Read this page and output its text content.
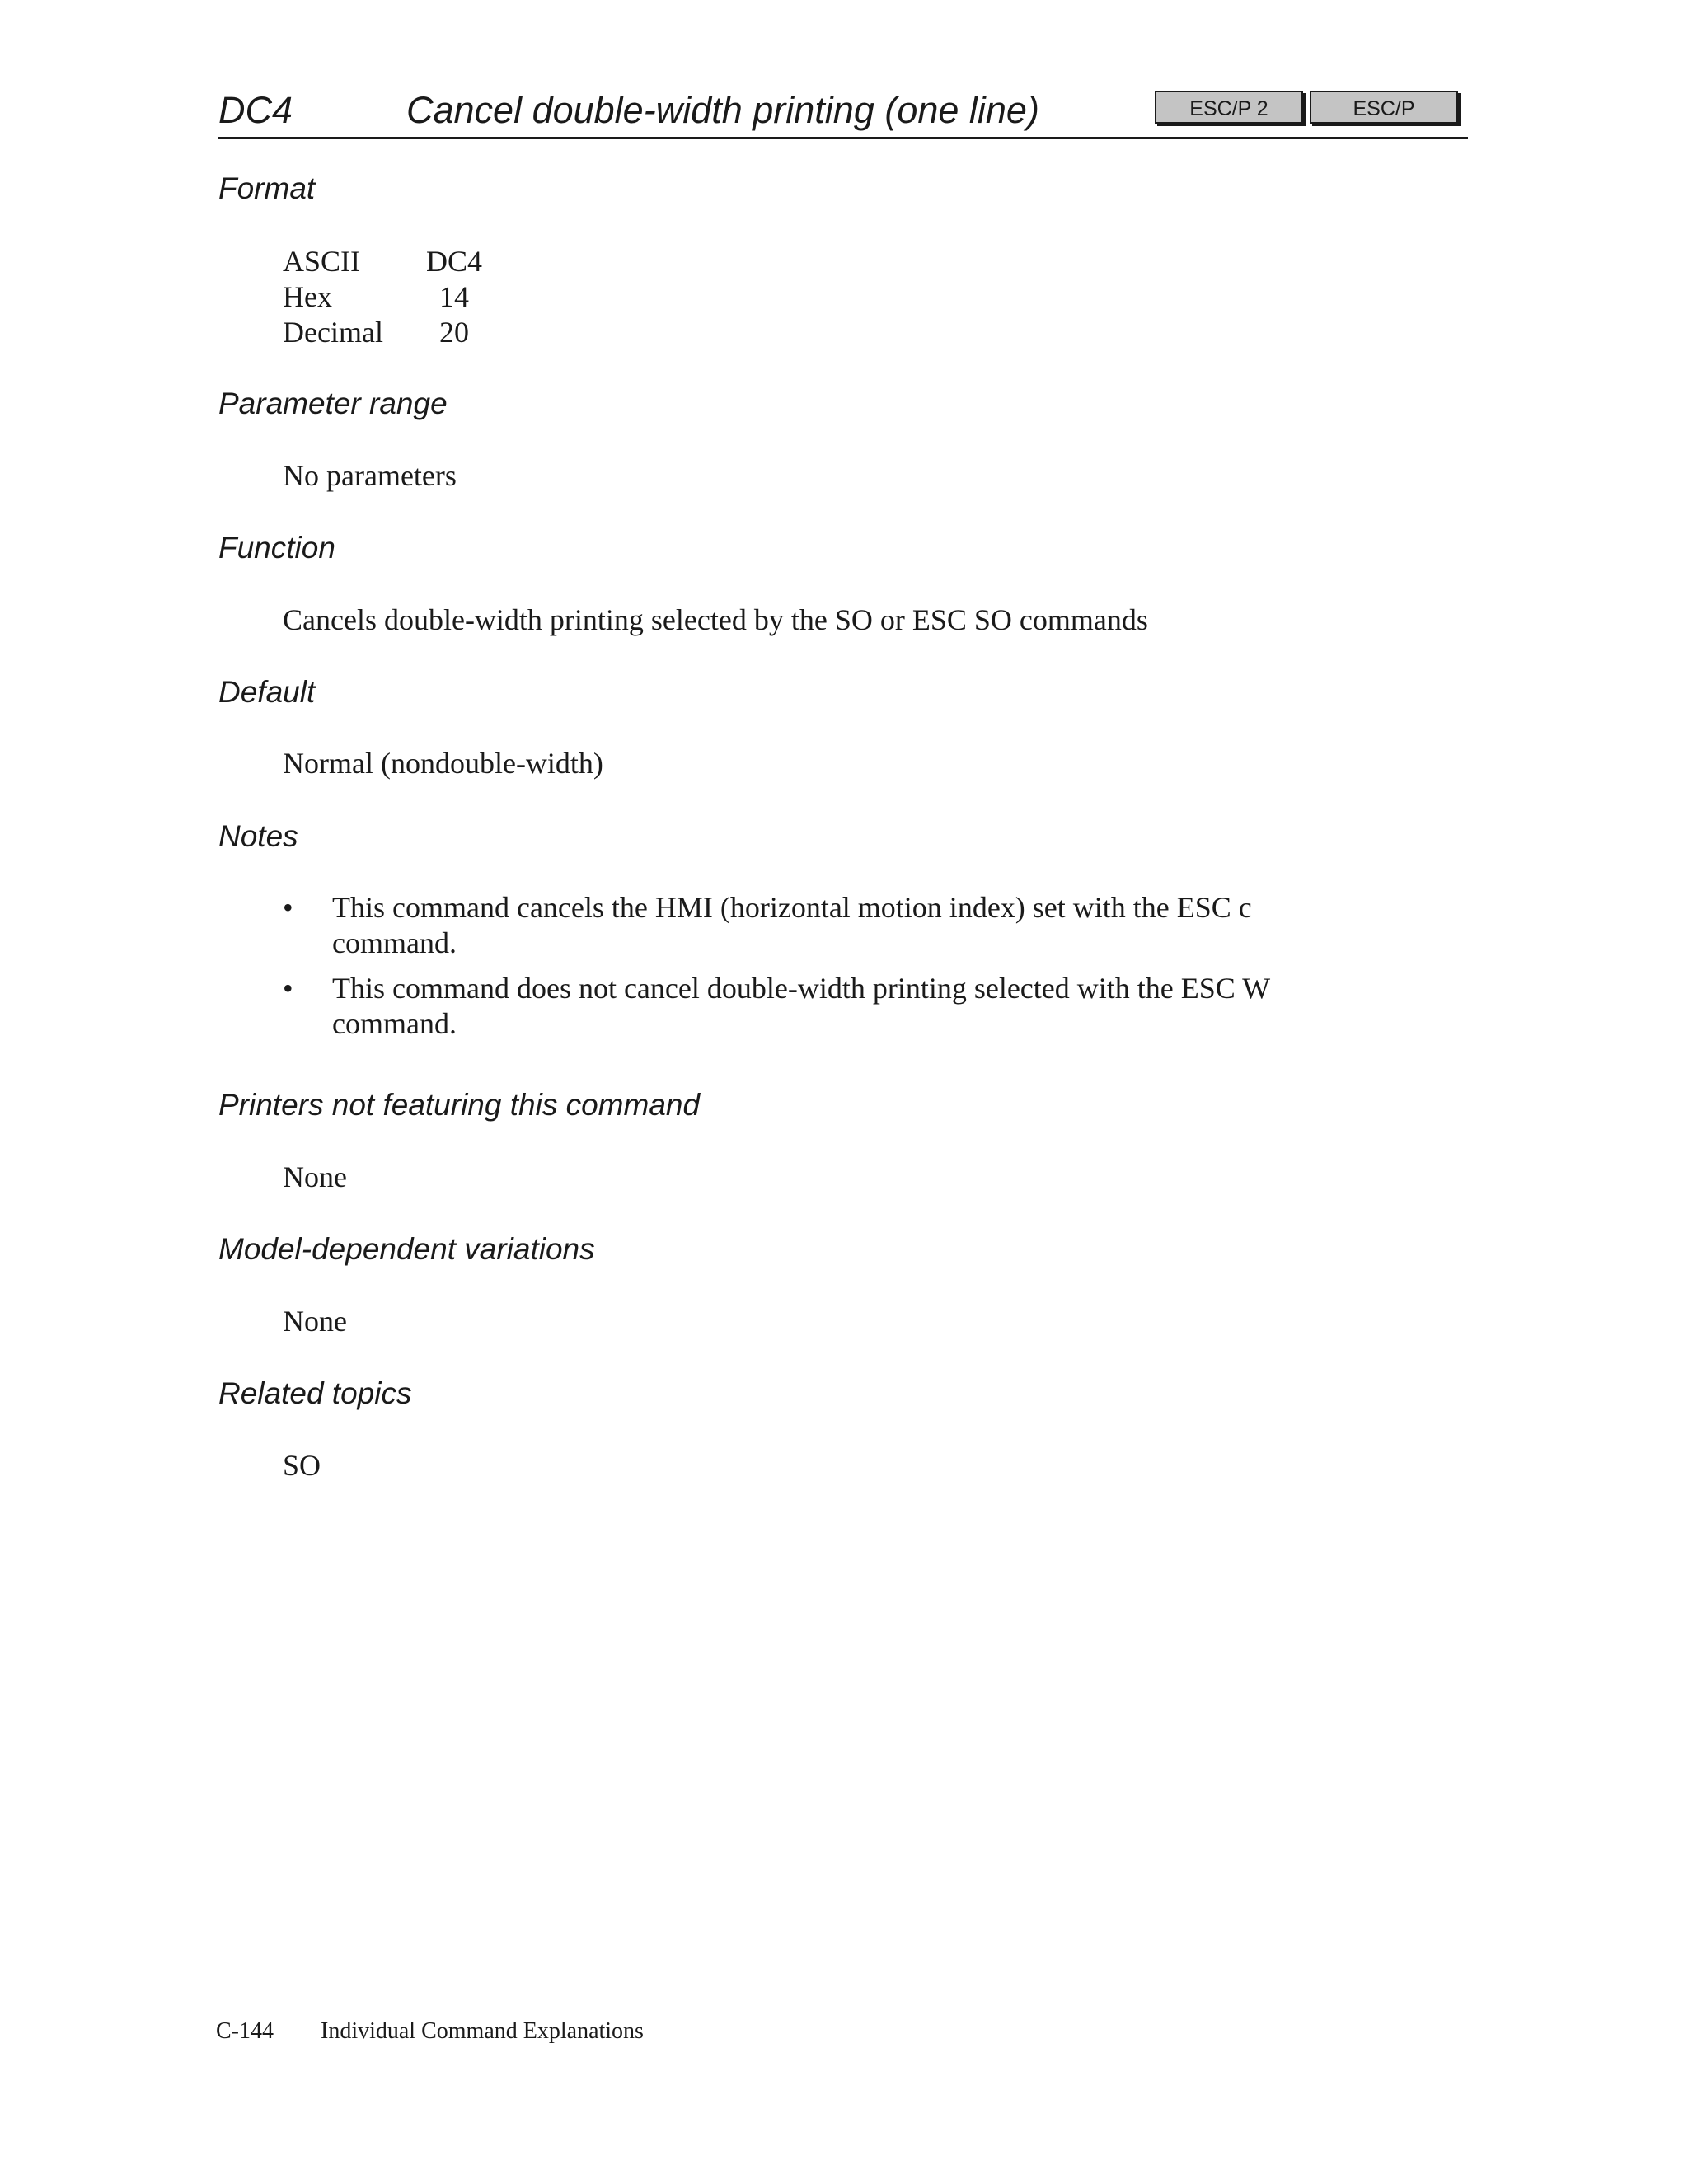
DC4	Cancel double-width printing (one line)	ESC/P 2	ESC/P
Format
ASCII	DC4
Hex	14
Decimal	20
Parameter range
No parameters
Function
Cancels double-width printing selected by the SO or ESC SO commands
Default
Normal (nondouble-width)
Notes
• This command cancels the HMI (horizontal motion index) set with the ESC c command.
• This command does not cancel double-width printing selected with the ESC W command.
Printers not featuring this command
None
Model-dependent variations
None
Related topics
SO
C-144 Individual Command Explanations
